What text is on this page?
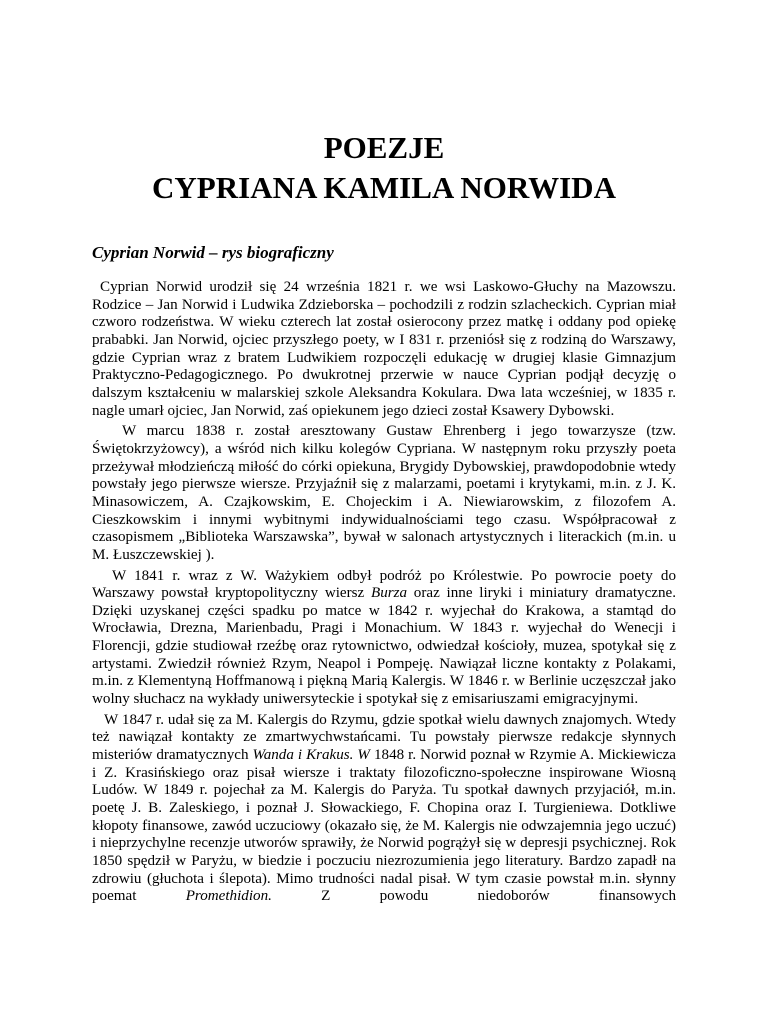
POEZJE
CYPRIANA KAMILA NORWIDA
Cyprian Norwid – rys biograficzny

Cyprian Norwid urodził się 24 września 1821 r. we wsi Laskowo-Głuchy na Mazowszu. Rodzice – Jan Norwid i Ludwika Zdzieborska – pochodzili z rodzin szlacheckich. Cyprian miał czworo rodzeństwa. W wieku czterech lat został osierocony przez matkę i oddany pod opiekę prababki. Jan Norwid, ojciec przyszłego poety, w I 831 r. przeniósł się z rodziną do Warszawy, gdzie Cyprian wraz z bratem Ludwikiem rozpoczęli edukację w drugiej klasie Gimnazjum Praktyczno-Pedagogicznego. Po dwukrotnej przerwie w nauce Cyprian podjął decyzję o dalszym kształceniu w malarskiej szkole Aleksandra Kokulara. Dwa lata wcześniej, w 1835 r. nagle umarł ojciec, Jan Norwid, zaś opiekunem jego dzieci został Ksawery Dybowski.

W marcu 1838 r. został aresztowany Gustaw Ehrenberg i jego towarzysze (tzw. Świętokrzyżowcy), a wśród nich kilku kolegów Cypriana. W następnym roku przyszły poeta przeżywał młodzieńczą miłość do córki opiekuna, Brygidy Dybowskiej, prawdopodobnie wtedy powstały jego pierwsze wiersze. Przyjaźnił się z malarzami, poetami i krytykami, m.in. z J. K. Minasowiczem, A. Czajkowskim, E. Chojeckim i A. Niewiarowskim, z filozofem A. Cieszkowskim i innymi wybitnymi indywidualnościami tego czasu. Współpracował z czasopismem „Biblioteka Warszawska”, bywał w salonach artystycznych i literackich (m.in. u M. Łuszczewskiej ).

W 1841 r. wraz z W. Ważykiem odbył podróż po Królestwie. Po powrocie poety do Warszawy powstał kryptopolityczny wiersz Burza oraz inne liryki i miniatury dramatyczne. Dzięki uzyskanej części spadku po matce w 1842 r. wyjechał do Krakowa, a stamtąd do Wrocławia, Drezna, Marienbadu, Pragi i Monachium. W 1843 r. wyjechał do Wenecji i Florencji, gdzie studiował rzeźbę oraz rytownictwo, odwiedzał kościoły, muzea, spotykał się z artystami. Zwiedził również Rzym, Neapol i Pompeję. Nawiązał liczne kontakty z Polakami, m.in. z Klementyną Hoffmanową i piękną Marią Kalergis. W 1846 r. w Berlinie uczęszczał jako wolny słuchacz na wykłady uniwersyteckie i spotykał się z emisariuszami emigracyjnymi.

W 1847 r. udał się za M. Kalergis do Rzymu, gdzie spotkał wielu dawnych znajomych. Wtedy też nawiązał kontakty ze zmartwychwstańcami. Tu powstały pierwsze redakcje słynnych misteriów dramatycznych Wanda i Krakus. W 1848 r. Norwid poznał w Rzymie A. Mickiewicza i Z. Krasińskiego oraz pisał wiersze i traktaty filozoficzno-społeczne inspirowane Wiosną Ludów. W 1849 r. pojechał za M. Kalergis do Paryża. Tu spotkał dawnych przyjaciół, m.in. poetę J. B. Zaleskiego, i poznał J. Słowackiego, F. Chopina oraz I. Turgieniewa. Dotkliwe kłopoty finansowe, zawód uczuciowy (okazało się, że M. Kalergis nie odwzajemnia jego uczuć) i nieprzychylne recenzje utworów sprawiły, że Norwid pogrążył się w depresji psychicznej. Rok 1850 spędził w Paryżu, w biedzie i poczuciu niezrozumienia jego literatury. Bardzo zapadł na zdrowiu (głuchota i ślepota). Mimo trudności nadal pisał. W tym czasie powstał m.in. słynny poemat Promethidion. Z powodu niedoborów finansowych
